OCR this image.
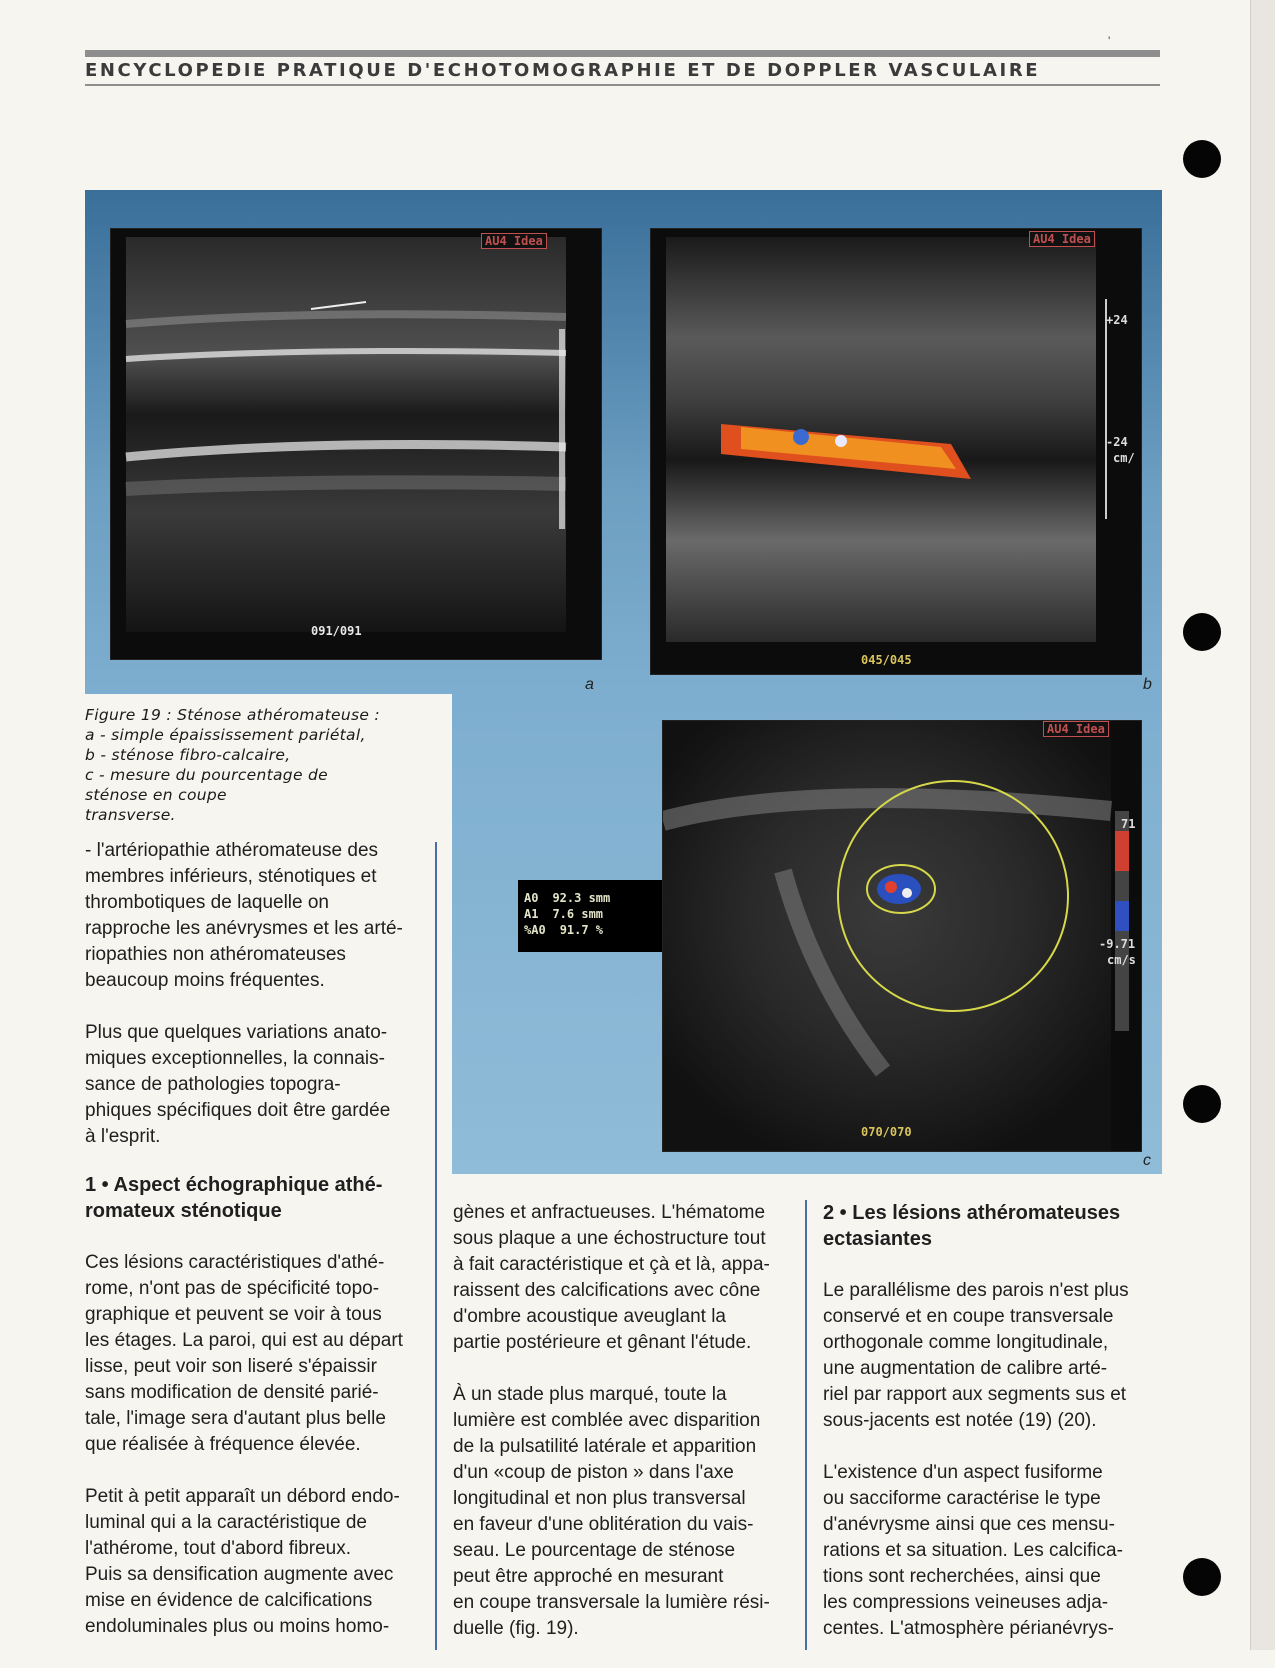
'
ENCYCLOPEDIE PRATIQUE D'ECHOTOMOGRAPHIE ET DE DOPPLER VASCULAIRE
AU4 Idea
091/091
a
AU4 Idea
+24
-24
cm/
045/045
b
Figure 19 : Sténose athéromateuse :
a - simple épaississement pariétal,
b - sténose fibro-calcaire,
c - mesure du pourcentage de
sténose en coupe
transverse.
AU4 Idea
71
-9.71
cm/s
070/070
c
A0 92.3 smm
A1 7.6 smm
%A0 91.7 %

- l'artériopathie athéromateuse des
membres inférieurs, sténotiques et
thrombotiques de laquelle on
rapproche les anévrysmes et les arté-
riopathies non athéromateuses
beaucoup moins fréquentes.

Plus que quelques variations anato-
miques exceptionnelles, la connais-
sance de pathologies topogra-
phiques spécifiques doit être gardée
à l'esprit.

1 • Aspect échographique athé-
romateux sténotique

Ces lésions caractéristiques d'athé-
rome, n'ont pas de spécificité topo-
graphique et peuvent se voir à tous
les étages. La paroi, qui est au départ
lisse, peut voir son liseré s'épaissir
sans modification de densité parié-
tale, l'image sera d'autant plus belle
que réalisée à fréquence élevée.

Petit à petit apparaît un débord endo-
luminal qui a la caractéristique de
l'athérome, tout d'abord fibreux.
Puis sa densification augmente avec
mise en évidence de calcifications
endoluminales plus ou moins homo-

gènes et anfractueuses. L'hématome
sous plaque a une échostructure tout
à fait caractéristique et çà et là, appa-
raissent des calcifications avec cône
d'ombre acoustique aveuglant la
partie postérieure et gênant l'étude.

À un stade plus marqué, toute la
lumière est comblée avec disparition
de la pulsatilité latérale et apparition
d'un «coup de piston » dans l'axe
longitudinal et non plus transversal
en faveur d'une oblitération du vais-
seau. Le pourcentage de sténose
peut être approché en mesurant
en coupe transversale la lumière rési-
duelle (fig. 19).

2 • Les lésions athéromateuses
ectasiantes

Le parallélisme des parois n'est plus
conservé et en coupe transversale
orthogonale comme longitudinale,
une augmentation de calibre arté-
riel par rapport aux segments sus et
sous-jacents est notée (19) (20).

L'existence d'un aspect fusiforme
ou sacciforme caractérise le type
d'anévrysme ainsi que ces mensu-
rations et sa situation. Les calcifica-
tions sont recherchées, ainsi que
les compressions veineuses adja-
centes. L'atmosphère périanévrys-
